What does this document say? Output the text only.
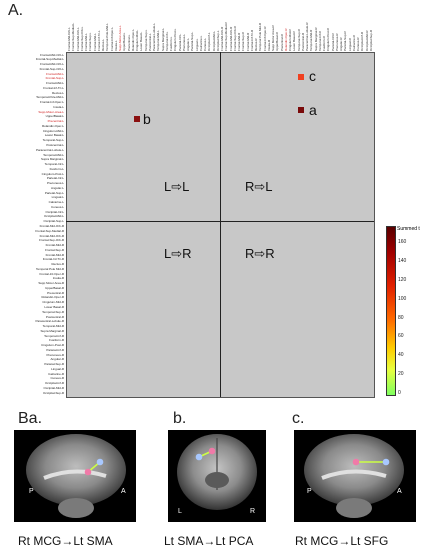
A.
Frontal-Mid-Orb-L
Frontal-Sup-Medial-L
Frontal-Mid-Orb-L
Frontal-Sup-Orb-L
Frontal-Mid-L
Frontal-Sup-L
Frontal-Mid-L
Frontal-Inf-Tri-L
Rectus-L
Temporal-Pole-Mid-L
Frontal-Inf-Oper-L
Insula-L
Supp-Motor-Area-L
UpperBasal-L
Precentral-L
Rolandic-Oper-L
Cingulum-Mid-L
Lower Basal-L
Temporal-Sup-L
Postcentral-L
Paracentral-Lobule-L
Temporal-Mid-L
Supra Marginal-L
Temporal-Inf-L
Fusiform-L
Cingulum-Post-L
Parietal-Inf-L
Precuneus-L
Angular-L
Parietal-Sup-L
Lingual-L
Calcarine-L
Cuneus-L
Occipital-Inf-L
Occipital-Mid-L
Occipital-Sup-L
Frontal-Mid-Orb-R
Frontal-Sup-Medial-R
Frontal-Mid-Orb-R
Frontal-Sup-Orb-R
Frontal-Mid-R
Frontal-Sup-R
Frontal-Mid-R
Frontal-Inf-Tri-R
Rectus-R
Temporal Pole Mid-R
Frontal-Inf-Oper-R
Insula-R
Supp Motor Area-R
UpperBasal-R
Precentral-R
Rolandic-Oper-R
Cingulum-Mid-R
Lower Basal-R
Temporal-Sup-R
Postcentral-R
Paracentral-Lobule-R
Temporal-Mid-R
Supra Marginal-R
Temporal-Inf-R
Fusiform-R
Cingulum-Post-R
Parietal-Inf-R
Precuneus-R
Angular-R
Parietal-Sup-R
Lingual-R
Calcarine-R
Cuneus-R
Occipital-Inf-R
Occipital-Mid-R
Occipital-Sup-R
Frontal-Mid-Orb-L Frontal-Sup-Medial-L Frontal-Mid-Orb-L Frontal-Sup-Orb-L Frontal-Mid-L Frontal-Sup-L Frontal-Mid-L Frontal-Inf-Tri-L Rectus-L Temporal-Pole-Mid-L Frontal-Inf-Oper-L Insula-L Supp-Motor-Area-L UpperBasal-L Precentral-L Rolandic-Oper-L Cingulum-Mid-L Lower Basal-L Temporal-Sup-L Postcentral-L Paracentral-Lobule-L Temporal-Mid-L Supra Marginal-L Temporal-Inf-L Fusiform-L Cingulum-Post-L Parietal-Inf-L Precuneus-L Angular-L Parietal-Sup-L Lingual-L Calcarine-L Cuneus-L Occipital-Inf-L Occipital-Mid-L Occipital-Sup-L Frontal-Mid-Orb-R Frontal-Sup-Medial-R Frontal-Mid-Orb-R Frontal-Sup-Orb-R Frontal-Mid-R Frontal-Sup-R Frontal-Mid-R Frontal-Inf-Tri-R Rectus-R Temporal Pole Mid-R Frontal-Inf-Oper-R Insula-R Supp Motor Area-R UpperBasal-R Precentral-R Rolandic-Oper-R Cingulum-Mid-R Lower Basal-R Temporal-Sup-R Postcentral-R Paracentral-Lobule-R Temporal-Mid-R Supra Marginal-R Temporal-Inf-R Fusiform-R Cingulum-Post-R Parietal-Inf-R Precuneus-R Angular-R Parietal-Sup-R Lingual-R Calcarine-R Cuneus-R Occipital-Inf-R Occipital-Mid-R Occipital-Sup-R
L⇨L	R⇨L
L⇨R	R⇨R
b
c
a
Summed t
160
140
120
100
80
60
40
20
0
Ba.	b.	c.
P	A
L	R
P	A
Rt MCG→Lt SMA	Lt SMA→Lt PCA	Rt MCG→Lt SFG
